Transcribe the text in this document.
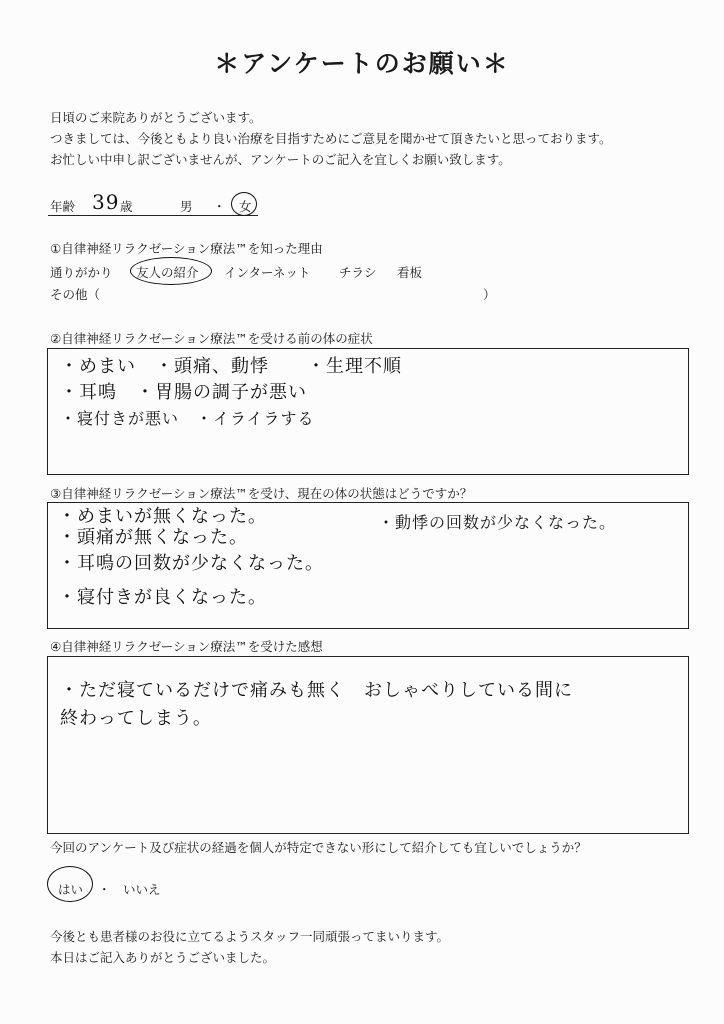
＊アンケートのお願い＊
日頃のご来院ありがとうございます。
つきましては、今後ともより良い治療を目指すためにご意見を聞かせて頂きたいと思っております。
お忙しい中申し訳ございませんが、アンケートのご記入を宜しくお願い致します。
年齢 39 歳	男 ・ 女
①自律神経リラクゼーション療法™を知った理由
通りがかり 友人の紹介 インターネット チラシ 看板
その他（	）
②自律神経リラクゼーション療法™を受ける前の体の症状
・めまい　・頭痛、動悸　　・生理不順
・耳鳴　・胃腸の調子が悪い
・寝付きが悪い　・イライラする
③自律神経リラクゼーション療法™を受け、現在の体の状態はどうですか？
・めまいが無くなった。
・頭痛が無くなった。
・耳鳴の回数が少なくなった。
・寝付きが良くなった。
・動悸の回数が少なくなった。
④自律神経リラクゼーション療法™を受けた感想
・ただ寝ているだけで痛みも無く　おしゃべりしている間に
終わってしまう。
今回のアンケート及び症状の経過を個人が特定できない形にして紹介しても宜しいでしょうか？
はい ・ いいえ
今後とも患者様のお役に立てるようスタッフ一同頑張ってまいります。
本日はご記入ありがとうございました。
